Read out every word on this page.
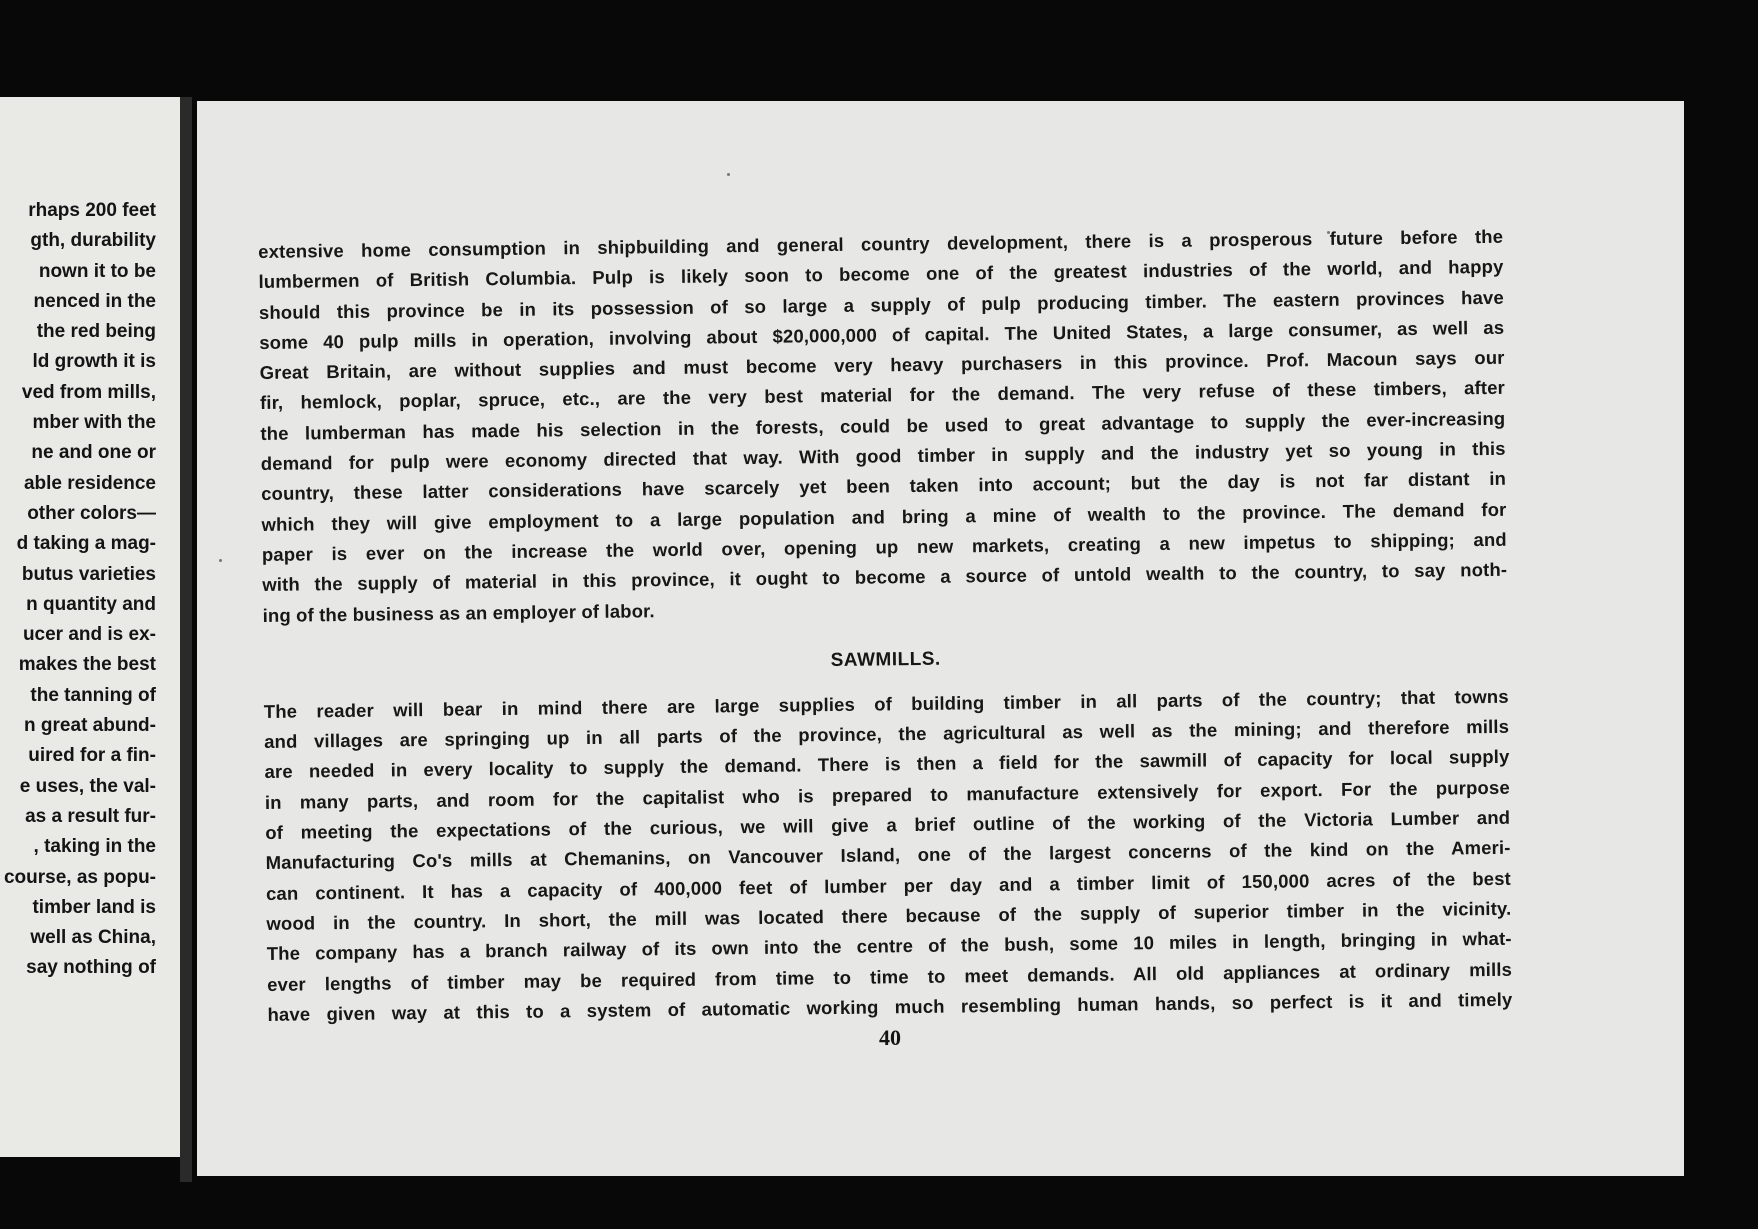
rhaps 200 feet
gth, durability
nown it to be
nenced in the
the red being
ld growth it is
ved from mills,
mber with the
ne and one or
able residence
other colors—
d taking a mag-
butus varieties
n quantity and
ucer and is ex-
makes the best
the tanning of
n great abund-
uired for a fin-
e uses, the val-
as a result fur-
, taking in the
course, as popu-
timber land is
well as China,
say nothing of
extensive home consumption in shipbuilding and general country development, there is a prosperous future before the
lumbermen of British Columbia. Pulp is likely soon to become one of the greatest industries of the world, and happy
should this province be in its possession of so large a supply of pulp producing timber. The eastern provinces have
some 40 pulp mills in operation, involving about $20,000,000 of capital. The United States, a large consumer, as well as
Great Britain, are without supplies and must become very heavy purchasers in this province. Prof. Macoun says our
fir, hemlock, poplar, spruce, etc., are the very best material for the demand. The very refuse of these timbers, after
the lumberman has made his selection in the forests, could be used to great advantage to supply the ever-increasing
demand for pulp were economy directed that way. With good timber in supply and the industry yet so young in this
country, these latter considerations have scarcely yet been taken into account; but the day is not far distant in
which they will give employment to a large population and bring a mine of wealth to the province. The demand for
paper is ever on the increase the world over, opening up new markets, creating a new impetus to shipping; and
with the supply of material in this province, it ought to become a source of untold wealth to the country, to say noth-
ing of the business as an employer of labor.
SAWMILLS.
The reader will bear in mind there are large supplies of building timber in all parts of the country; that towns
and villages are springing up in all parts of the province, the agricultural as well as the mining; and therefore mills
are needed in every locality to supply the demand. There is then a field for the sawmill of capacity for local supply
in many parts, and room for the capitalist who is prepared to manufacture extensively for export. For the purpose
of meeting the expectations of the curious, we will give a brief outline of the working of the Victoria Lumber and
Manufacturing Co's mills at Chemanins, on Vancouver Island, one of the largest concerns of the kind on the Ameri-
can continent. It has a capacity of 400,000 feet of lumber per day and a timber limit of 150,000 acres of the best
wood in the country. In short, the mill was located there because of the supply of superior timber in the vicinity.
The company has a branch railway of its own into the centre of the bush, some 10 miles in length, bringing in what-
ever lengths of timber may be required from time to time to meet demands. All old appliances at ordinary mills
have given way at this to a system of automatic working much resembling human hands, so perfect is it and timely
40
